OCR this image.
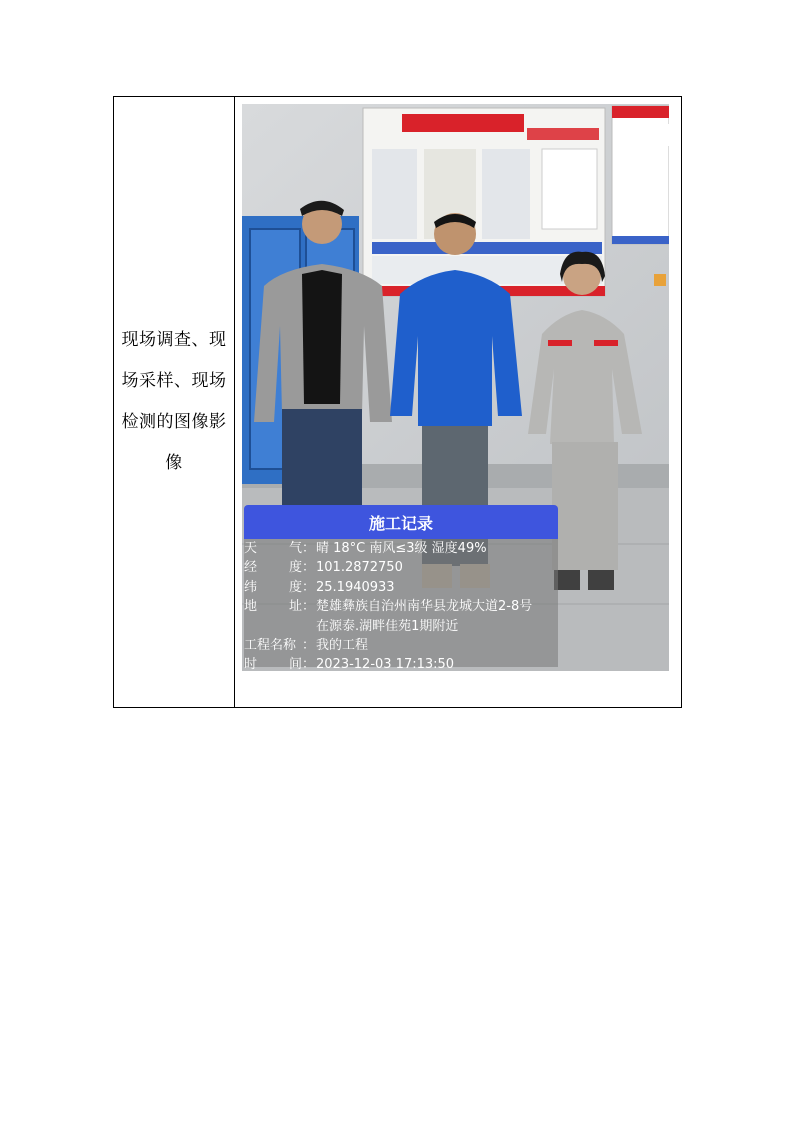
现场调查、现场采样、现场检测的图像影像
施工记录
天 气 ： 晴 18°C 南风≤3级 湿度49%
经 度 ： 101.2872750
纬 度 ： 25.1940933
地 址 ： 楚雄彝族自治州南华县龙城大道2-8号
在源泰.湖畔佳苑1期附近
工程名称 ： 我的工程
时 间 ： 2023-12-03 17:13:50
